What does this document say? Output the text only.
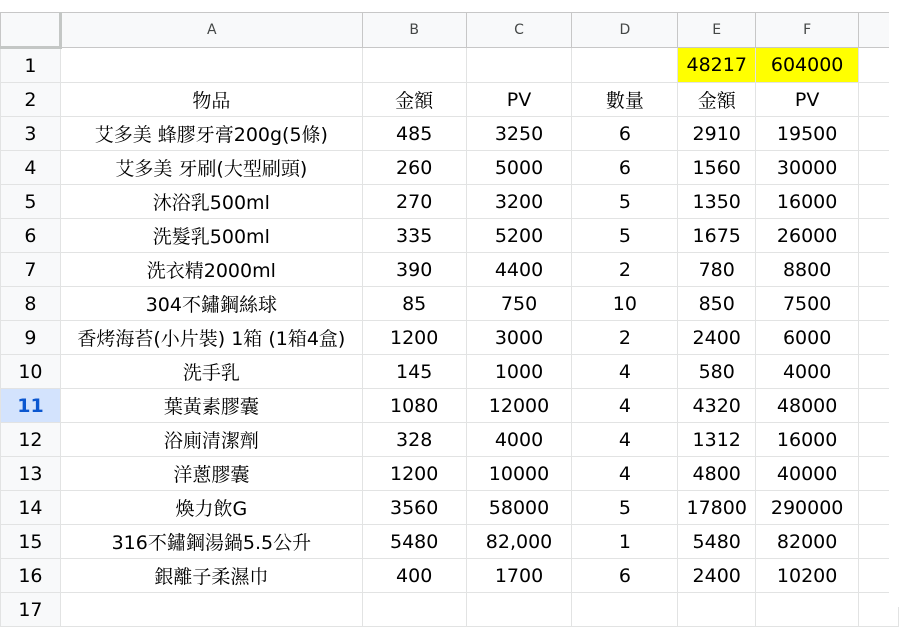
	A	B	C	D	E	F	
1					48217	604000	
2	物品	金額	PV	數量	金額	PV	
3	艾多美 蜂膠牙膏200g(5條)	485	3250	6	2910	19500	
4	艾多美 牙刷(大型刷頭)	260	5000	6	1560	30000	
5	沐浴乳500ml	270	3200	5	1350	16000	
6	洗髮乳500ml	335	5200	5	1675	26000	
7	洗衣精2000ml	390	4400	2	780	8800	
8	304不鏽鋼絲球	85	750	10	850	7500	
9	香烤海苔(小片裝) 1箱 (1箱4盒)	1200	3000	2	2400	6000	
10	洗手乳	145	1000	4	580	4000	
11	葉黃素膠囊	1080	12000	4	4320	48000	
12	浴廁清潔劑	328	4000	4	1312	16000	
13	洋蔥膠囊	1200	10000	4	4800	40000	
14	煥力飲G	3560	58000	5	17800	290000	
15	316不鏽鋼湯鍋5.5公升	5480	82,000	1	5480	82000	
16	銀離子柔濕巾	400	1700	6	2400	10200	
17							
